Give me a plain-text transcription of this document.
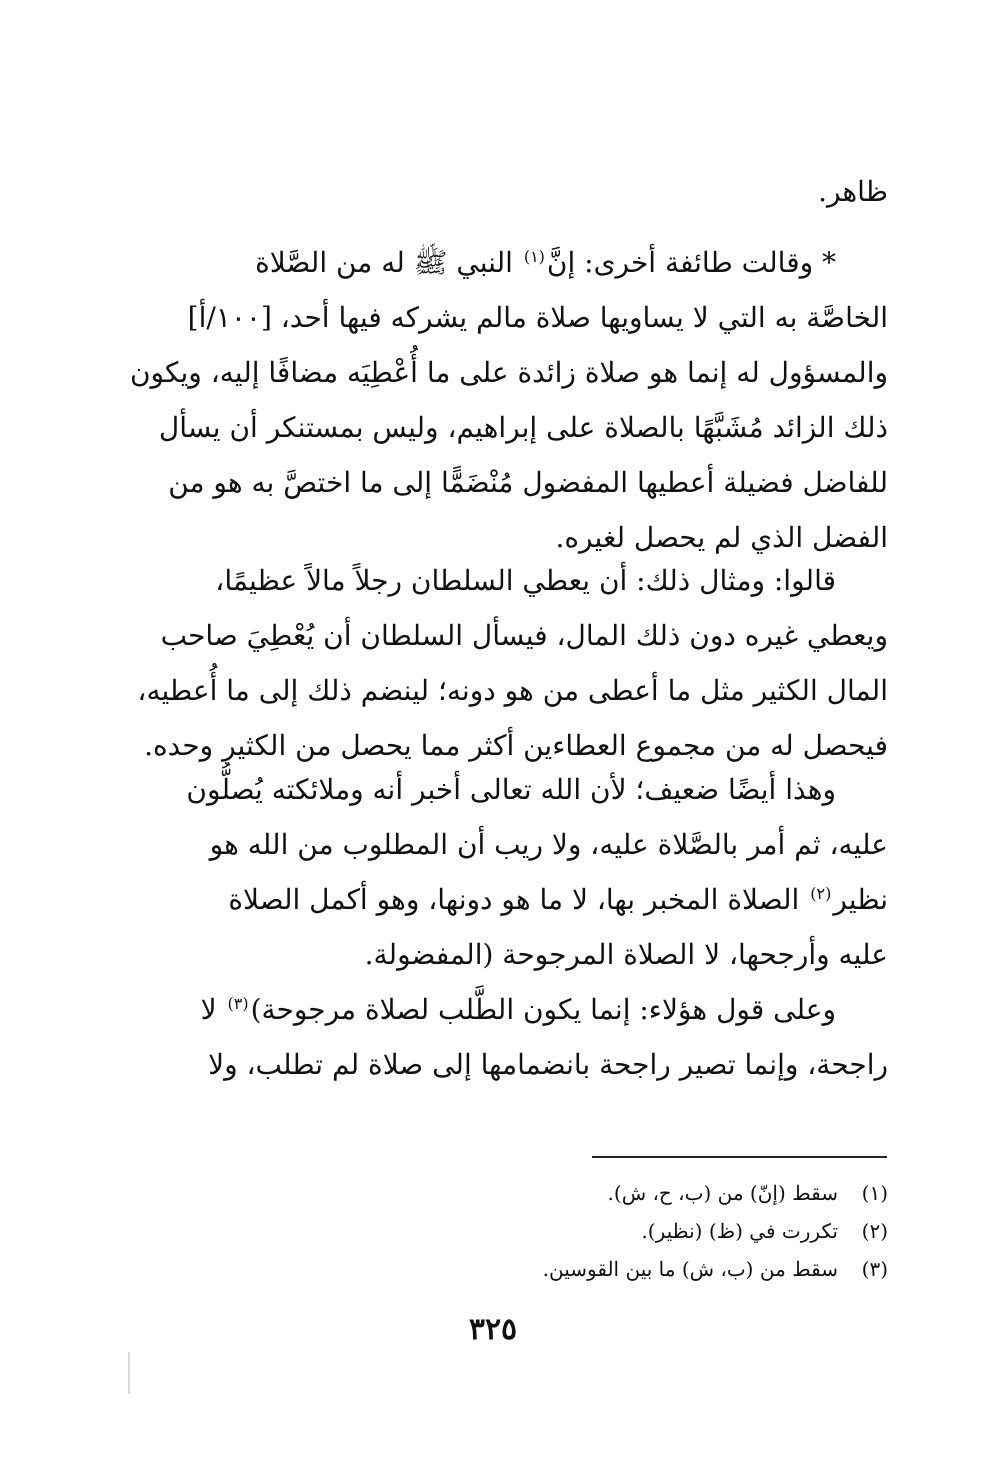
ظاهر.

* وقالت طائفة أخرى: إنَّ$^{(١)}$ النبي ﷺ له من الصَّلاة
الخاصَّة به التي لا يساويها صلاة مالم يشركه فيها أحد، [١٠٠/أ]
والمسؤول له إنما هو صلاة زائدة على ما أُعْطِيَه مضافًا إليه، ويكون
ذلك الزائد مُشَبَّهًا بالصلاة على إبراهيم، وليس بمستنكر أن يسأل
للفاضل فضيلة أعطيها المفضول مُنْضَمًّا إلى ما اختصَّ به هو من
الفضل الذي لم يحصل لغيره.

قالوا: ومثال ذلك: أن يعطي السلطان رجلاً مالاً عظيمًا،
ويعطي غيره دون ذلك المال، فيسأل السلطان أن يُعْطِيَ صاحب
المال الكثير مثل ما أعطى من هو دونه؛ لينضم ذلك إلى ما أُعطيه،
فيحصل له من مجموع العطاءين أكثر مما يحصل من الكثير وحده.

وهذا أيضًا ضعيف؛ لأن الله تعالى أخبر أنه وملائكته يُصلُّون
عليه، ثم أمر بالصَّلاة عليه، ولا ريب أن المطلوب من الله هو
نظير$^{(٢)}$ الصلاة المخبر بها، لا ما هو دونها، وهو أكمل الصلاة
عليه وأرجحها، لا الصلاة المرجوحة (المفضولة.

وعلى قول هؤلاء: إنما يكون الطَّلب لصلاة مرجوحة)$^{(٣)}$ لا
راجحة، وإنما تصير راجحة بانضمامها إلى صلاة لم تطلب، ولا

(١)سقط (إنّ) من (ب، ح، ش).
(٢)تكررت في (ظ) (نظير).
(٣)سقط من (ب، ش) ما بين القوسين.
٣٢٥
